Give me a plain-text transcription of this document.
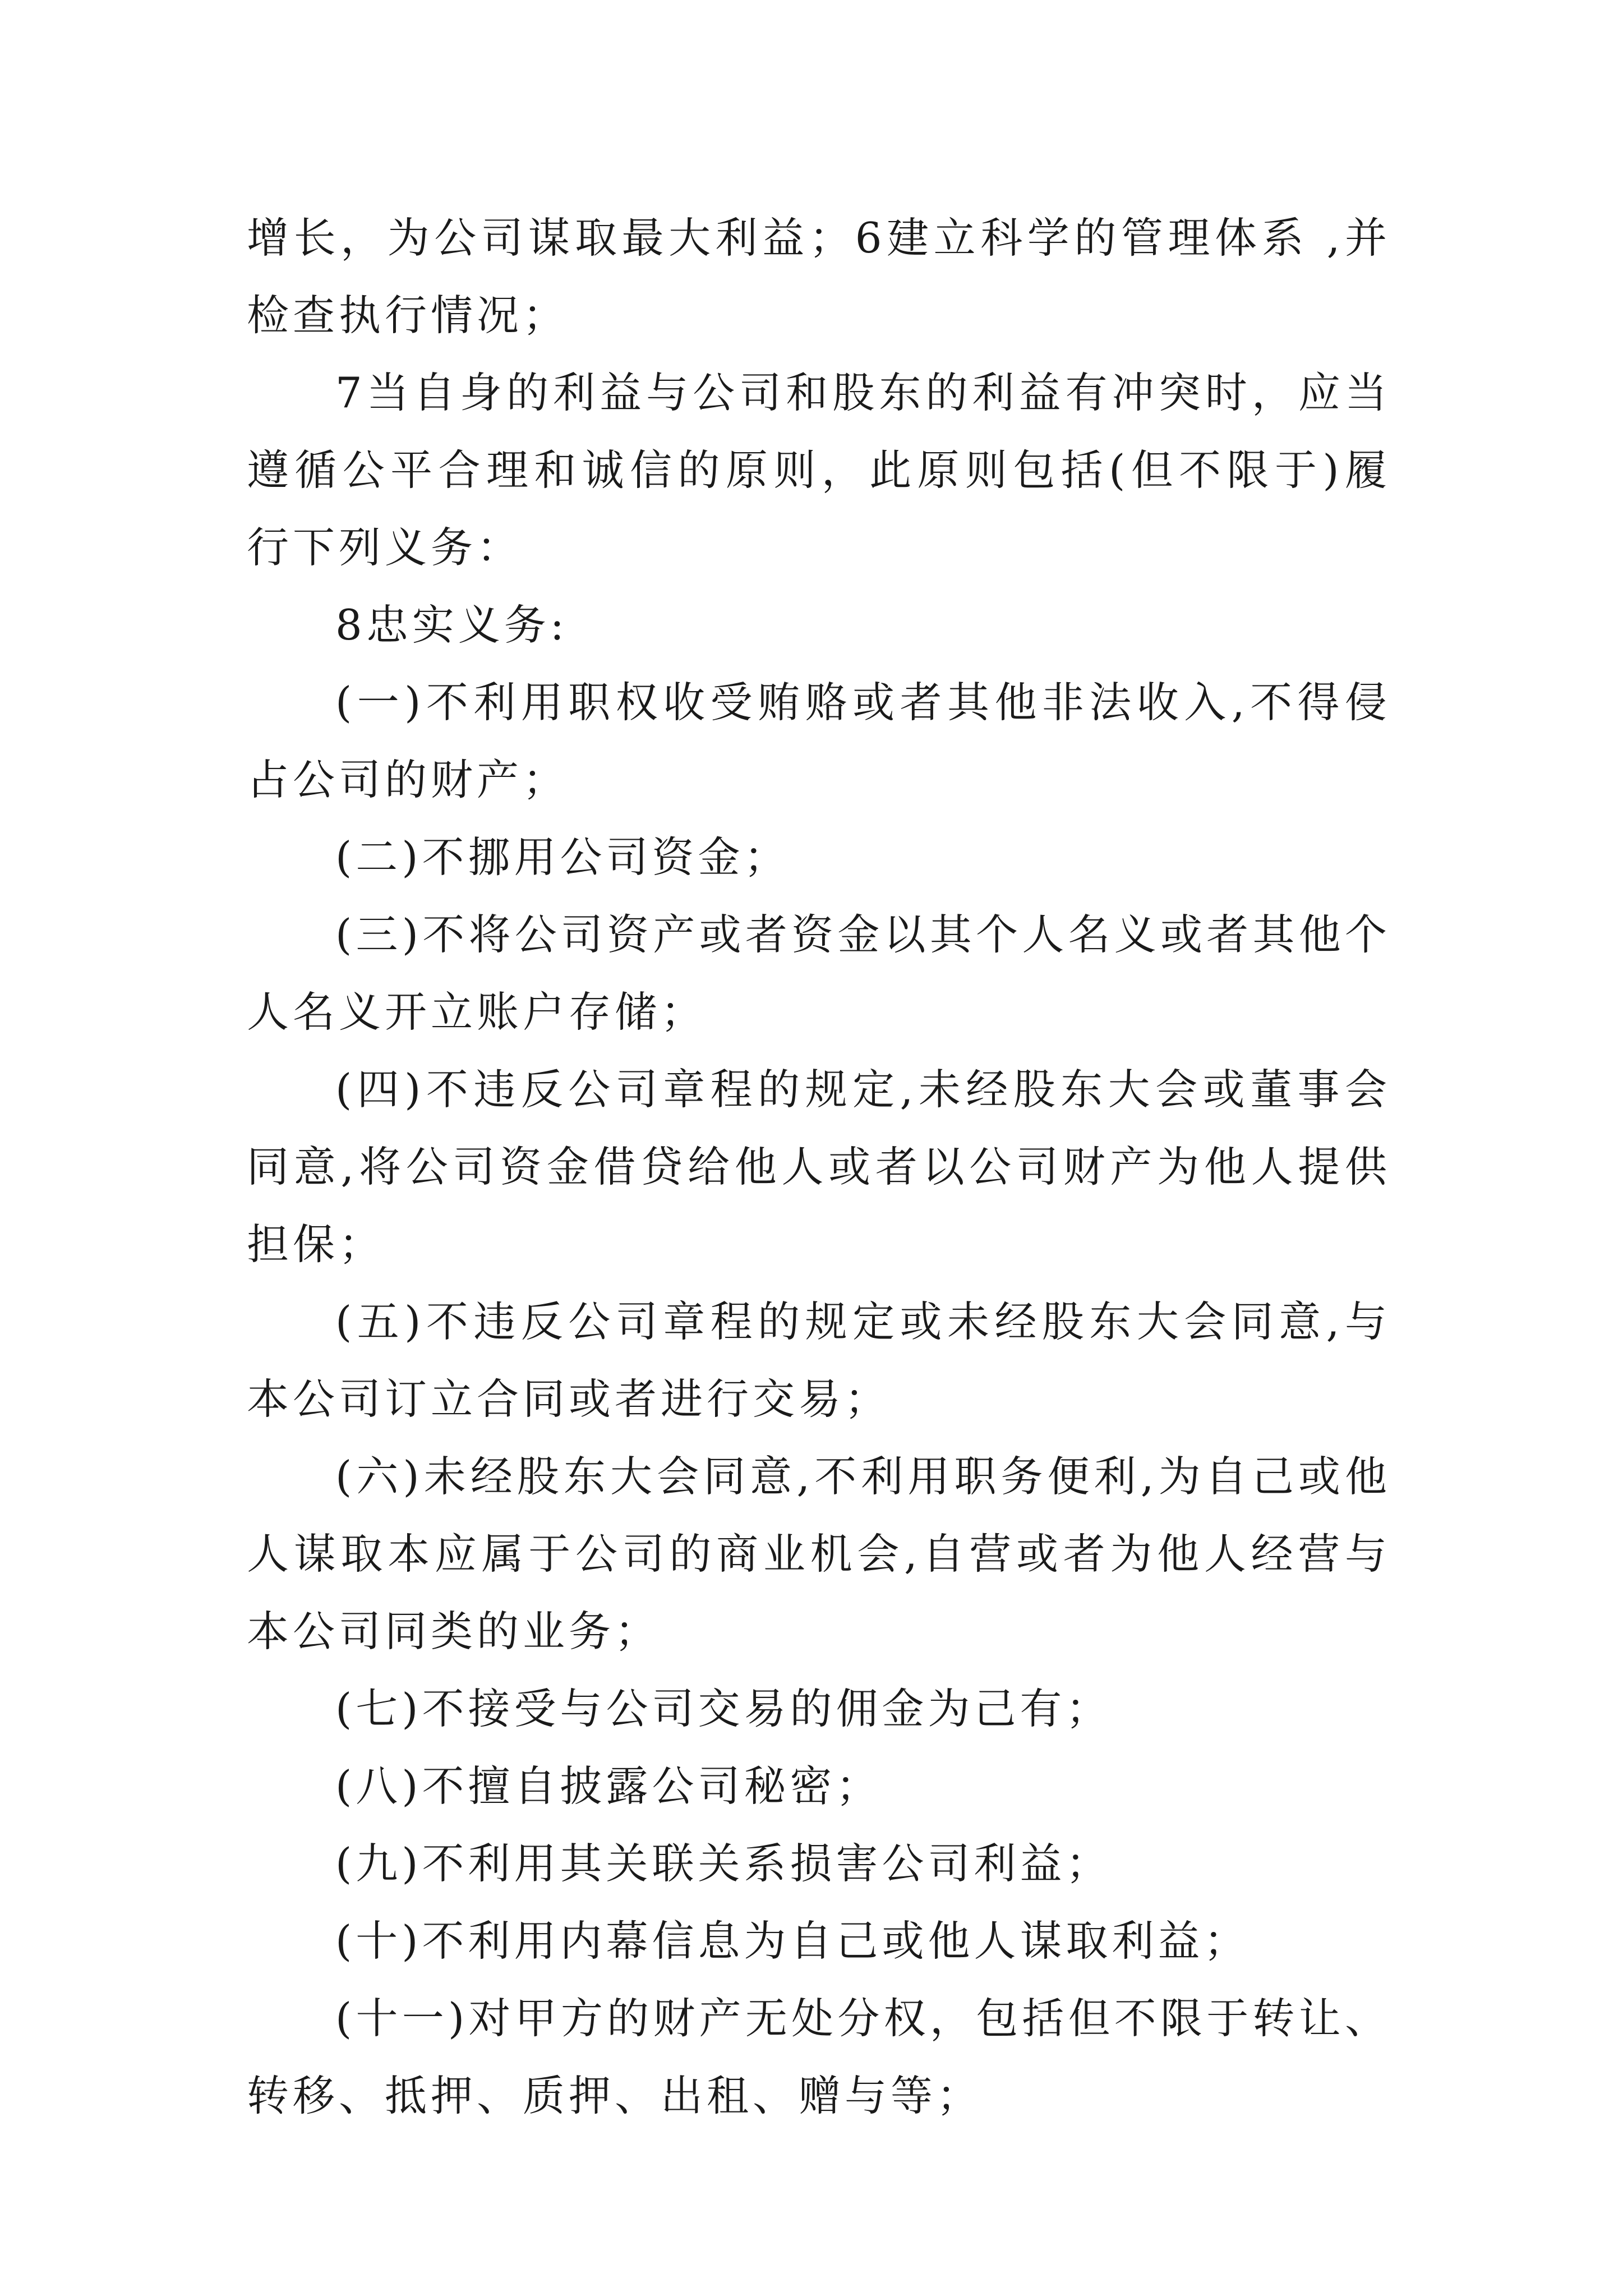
增长，为公司谋取最大利益；6建立科学的管理体系 ,并检查执行情况；

7当自身的利益与公司和股东的利益有冲突时，应当遵循公平合理和诚信的原则，此原则包括(但不限于)履行下列义务：

8忠实义务:

(一)不利用职权收受贿赂或者其他非法收入,不得侵占公司的财产；

(二)不挪用公司资金；

(三)不将公司资产或者资金以其个人名义或者其他个人名义开立账户存储；

(四)不违反公司章程的规定,未经股东大会或董事会同意,将公司资金借贷给他人或者以公司财产为他人提供担保；

(五)不违反公司章程的规定或未经股东大会同意,与本公司订立合同或者进行交易；

(六)未经股东大会同意,不利用职务便利,为自己或他人谋取本应属于公司的商业机会,自营或者为他人经营与本公司同类的业务；

(七)不接受与公司交易的佣金为己有；

(八)不擅自披露公司秘密；

(九)不利用其关联关系损害公司利益；

(十)不利用内幕信息为自己或他人谋取利益；

(十一)对甲方的财产无处分权，包括但不限于转让、转移、抵押、质押、出租、赠与等；
